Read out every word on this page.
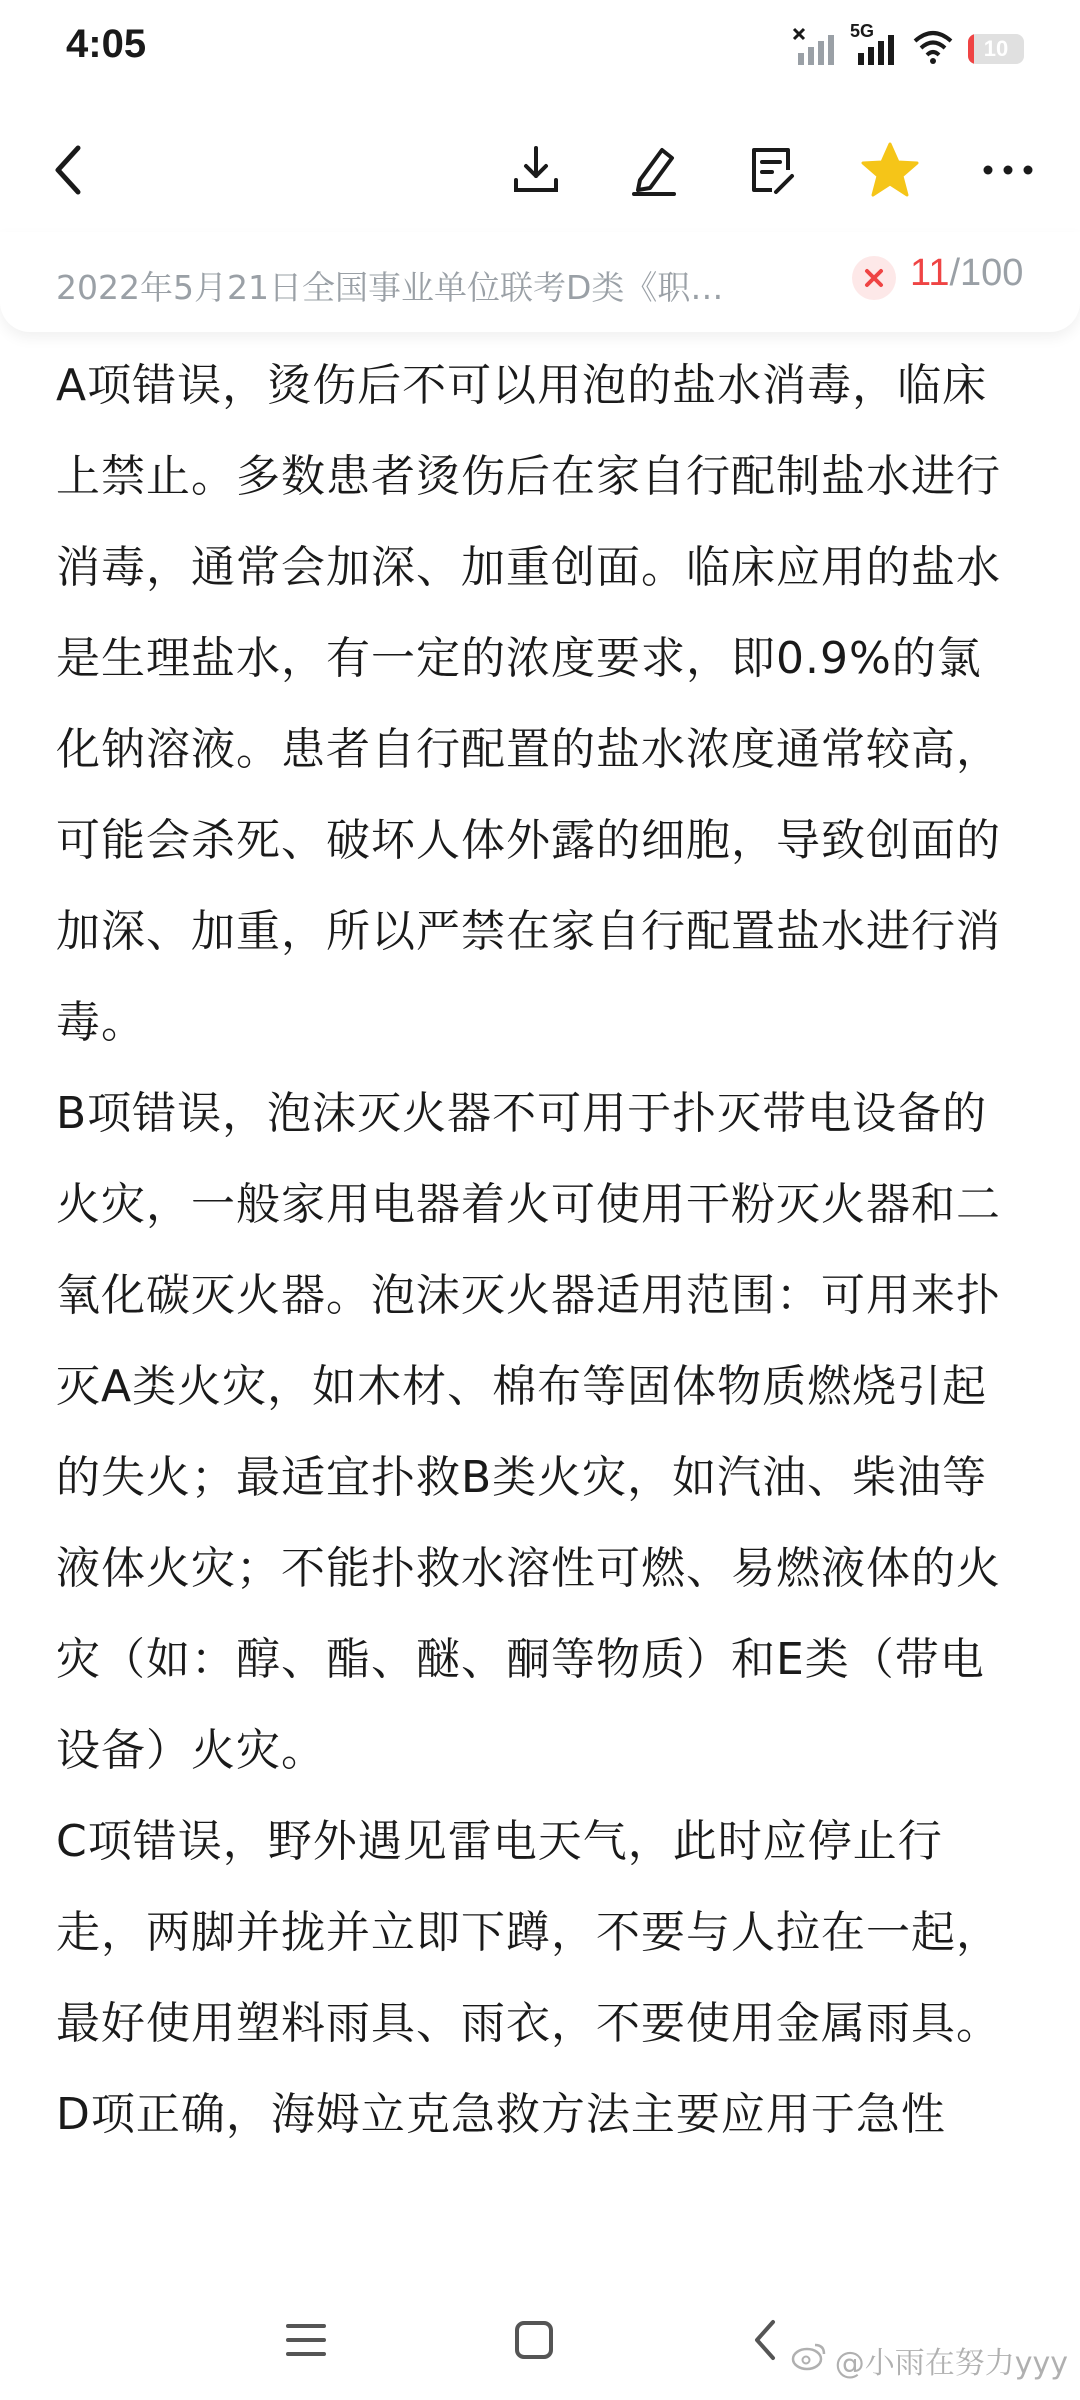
4:05	5G
10
2022年5月21日全国事业单位联考D类《职…	11/100

A项错误，烫伤后不可以用泡的盐水消毒，临床上禁止。多数患者烫伤后在家自行配制盐水进行消毒，通常会加深、加重创面。临床应用的盐水是生理盐水，有一定的浓度要求，即0.9%的氯化钠溶液。患者自行配置的盐水浓度通常较高，可能会杀死、破坏人体外露的细胞，导致创面的加深、加重，所以严禁在家自行配置盐水进行消毒。

B项错误，泡沫灭火器不可用于扑灭带电设备的火灾，一般家用电器着火可使用干粉灭火器和二氧化碳灭火器。泡沫灭火器适用范围：可用来扑灭A类火灾，如木材、棉布等固体物质燃烧引起的失火；最适宜扑救B类火灾，如汽油、柴油等液体火灾；不能扑救水溶性可燃、易燃液体的火灾（如：醇、酯、醚、酮等物质）和E类（带电设备）火灾。

C项错误，野外遇见雷电天气，此时应停止行走，两脚并拢并立即下蹲，不要与人拉在一起，最好使用塑料雨具、雨衣，不要使用金属雨具。

D项正确，海姆立克急救方法主要应用于急性

@小雨在努力yyy
